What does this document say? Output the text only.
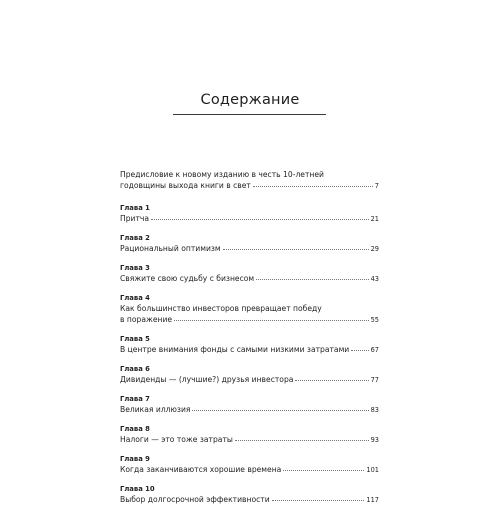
Содержание
Предисловие к новому изданию в честь 10-летней
годовщины выхода книги в свет	7
Глава 1
Притча	21
Глава 2
Рациональный оптимизм	29
Глава 3
Свяжите свою судьбу с бизнесом	43
Глава 4
Как большинство инвесторов превращает победу
в поражение	55
Глава 5
В центре внимания фонды с самыми низкими затратами	67
Глава 6
Дивиденды — (лучшие?) друзья инвестора	77
Глава 7
Великая иллюзия	83
Глава 8
Налоги — это тоже затраты	93
Глава 9
Когда заканчиваются хорошие времена	101
Глава 10
Выбор долгосрочной эффективности	117
